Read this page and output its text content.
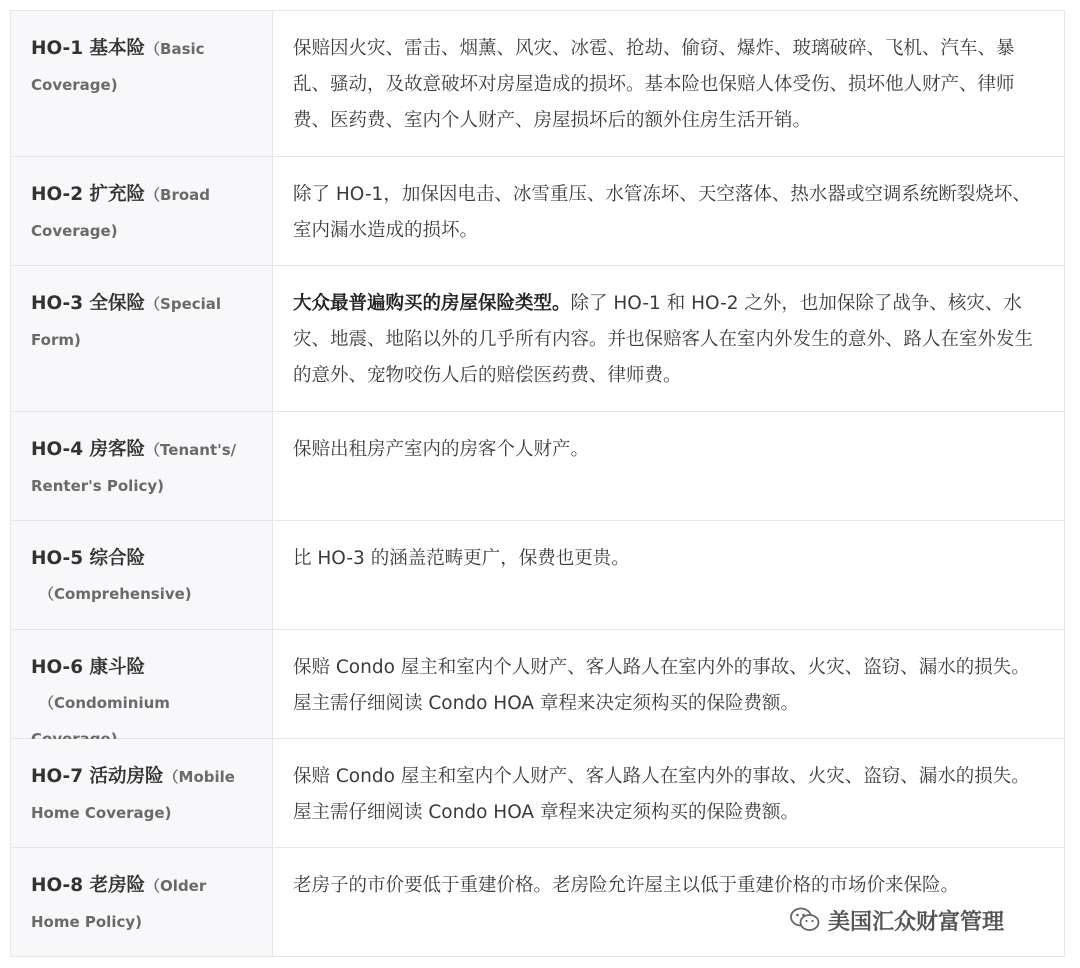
HO-1 基本险（Basic Coverage)
保赔因火灾、雷击、烟薰、风灾、冰雹、抢劫、偷窃、爆炸、玻璃破碎、飞机、汽车、暴乱、骚动，及故意破坏对房屋造成的损坏。基本险也保赔人体受伤、损坏他人财产、律师费、医药费、室内个人财产、房屋损坏后的额外住房生活开销。
HO-2 扩充险（Broad Coverage)
除了 HO-1，加保因电击、冰雪重压、水管冻坏、天空落体、热水器或空调系统断裂烧坏、室内漏水造成的损坏。
HO-3 全保险（Special Form)
大众最普遍购买的房屋保险类型。除了 HO-1 和 HO-2 之外，也加保除了战争、核灾、水灾、地震、地陷以外的几乎所有内容。并也保赔客人在室内外发生的意外、路人在室外发生的意外、宠物咬伤人后的赔偿医药费、律师费。
HO-4 房客险（Tenant's/ Renter's Policy)
保赔出租房产室内的房客个人财产。
HO-5 综合险
（Comprehensive)
比 HO-3 的涵盖范畴更广，保费也更贵。
HO-6 康斗险
（Condominium
保赔 Condo 屋主和室内个人财产、客人路人在室内外的事故、火灾、盗窃、漏水的损失。屋主需仔细阅读 Condo HOA 章程来决定须构买的保险费额。
HO-7 活动房险（Mobile Home Coverage)
保赔 Condo 屋主和室内个人财产、客人路人在室内外的事故、火灾、盗窃、漏水的损失。屋主需仔细阅读 Condo HOA 章程来决定须构买的保险费额。
HO-8 老房险（Older Home Policy)
老房子的市价要低于重建价格。老房险允许屋主以低于重建价格的市场价来保险。
美国汇众财富管理
